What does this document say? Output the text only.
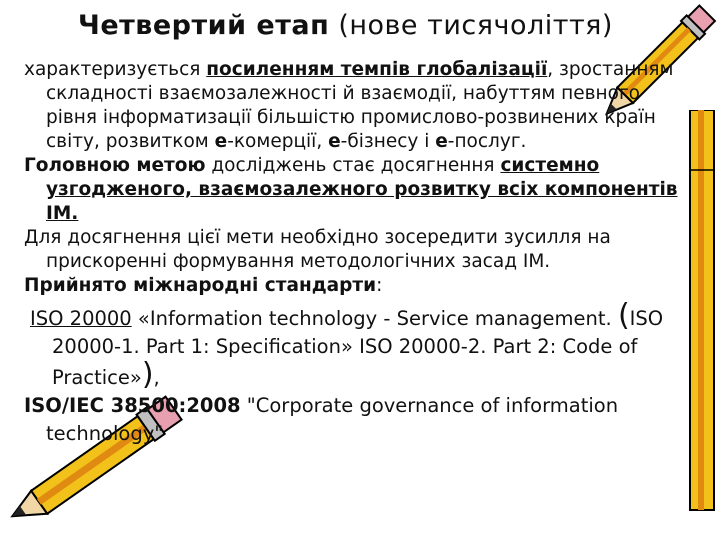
Четвертий етап (нове тисячоліття)

характеризується посиленням темпів глобалізації, зростанням складності взаємозалежності й взаємодії, набуттям певного рівня інформатизації більшістю промислово-розвинених країн світу, розвитком е-комерції, е-бізнесу і е-послуг.

Головною метою досліджень стає досягнення системно узгодженого, взаємозалежного розвитку всіх компонентів ІМ.

Для досягнення цієї мети необхідно зосередити зусилля на прискоренні формування методологічних засад ІМ.

Прийнято міжнародні стандарти:

ISO 20000 «Information technology - Service management. (ISO 20000-1. Part 1: Specification» ISO 20000-2. Part 2: Code of Practice»),

ISO/IEC 38500:2008 "Corporate governance of information technology"
